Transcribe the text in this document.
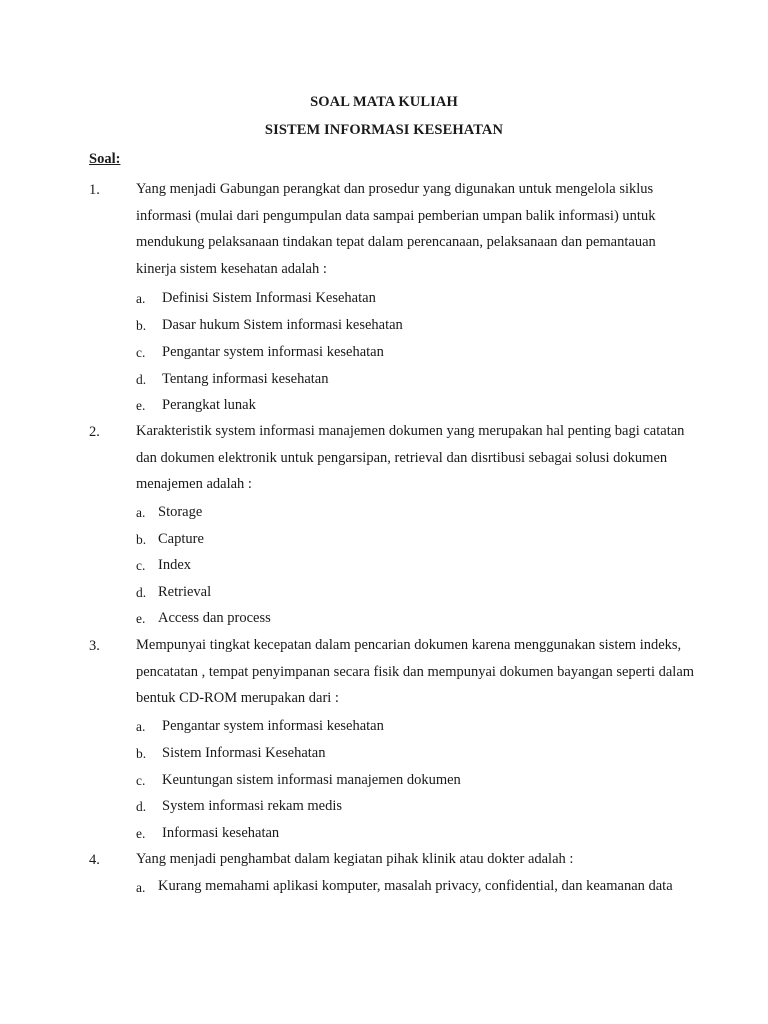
SOAL MATA KULIAH
SISTEM INFORMASI KESEHATAN
Soal:
1. Yang menjadi Gabungan perangkat dan prosedur yang digunakan untuk mengelola siklus informasi (mulai dari pengumpulan data sampai pemberian umpan balik informasi) untuk mendukung pelaksanaan tindakan tepat dalam perencanaan, pelaksanaan dan pemantauan kinerja sistem kesehatan adalah :
a. Definisi Sistem Informasi Kesehatan
b. Dasar hukum Sistem informasi kesehatan
c. Pengantar system informasi kesehatan
d. Tentang informasi kesehatan
e. Perangkat lunak
2. Karakteristik system informasi manajemen dokumen yang merupakan hal penting bagi catatan dan dokumen elektronik untuk pengarsipan, retrieval dan disrtibusi sebagai solusi dokumen menajemen adalah :
a. Storage
b. Capture
c. Index
d. Retrieval
e. Access dan process
3. Mempunyai tingkat kecepatan dalam pencarian dokumen karena menggunakan sistem indeks, pencatatan , tempat penyimpanan secara fisik dan mempunyai dokumen bayangan seperti dalam bentuk CD-ROM merupakan dari :
a. Pengantar system informasi kesehatan
b. Sistem Informasi Kesehatan
c. Keuntungan sistem informasi manajemen dokumen
d. System informasi rekam medis
e. Informasi kesehatan
4. Yang menjadi penghambat dalam kegiatan pihak klinik atau dokter adalah :
a. Kurang memahami aplikasi komputer, masalah privacy, confidential, dan keamanan data
